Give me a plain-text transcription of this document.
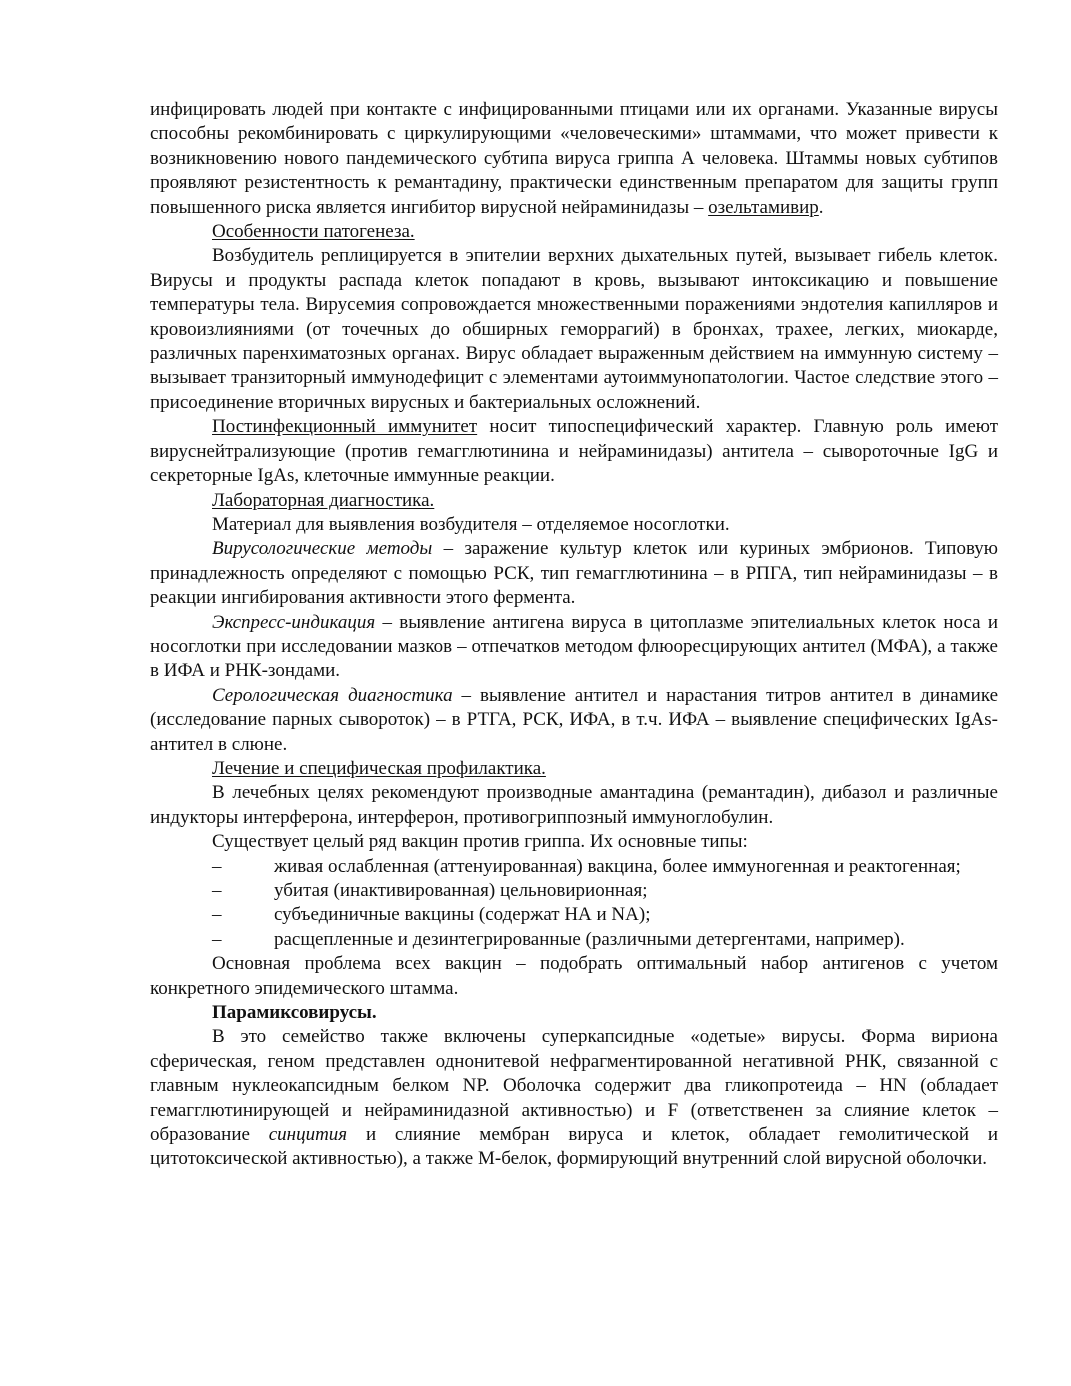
инфицировать людей при контакте с инфицированными птицами или их органами. Указанные вирусы способны рекомбинировать с циркулирующими «человеческими» штаммами, что может привести к возникновению нового пандемического субтипа вируса гриппа А человека. Штаммы новых субтипов проявляют резистентность к ремантадину, практически единственным препаратом для защиты групп повышенного риска является ингибитор вирусной нейраминидазы – озельтамивир.

Особенности патогенеза.

Возбудитель реплицируется в эпителии верхних дыхательных путей, вызывает гибель клеток. Вирусы и продукты распада клеток попадают в кровь, вызывают интоксикацию и повышение температуры тела. Вирусемия сопровождается множественными поражениями эндотелия капилляров и кровоизлияниями (от точечных до обширных геморрагий) в бронхах, трахее, легких, миокарде, различных паренхиматозных органах. Вирус обладает выраженным действием на иммунную систему – вызывает транзиторный иммунодефицит с элементами аутоиммунопатологии. Частое следствие этого – присоединение вторичных вирусных и бактериальных осложнений.

Постинфекционный иммунитет носит типоспецифический характер. Главную роль имеют вируснейтрализующие (против гемагглютинина и нейраминидазы) антитела – сывороточные IgG и секреторные IgAs, клеточные иммунные реакции.

Лабораторная диагностика.

Материал для выявления возбудителя – отделяемое носоглотки.

Вирусологические методы – заражение культур клеток или куриных эмбрионов. Типовую принадлежность определяют с помощью РСК, тип гемагглютинина – в РПГА, тип нейраминидазы – в реакции ингибирования активности этого фермента.

Экспресс-индикация – выявление антигена вируса в цитоплазме эпителиальных клеток носа и носоглотки при исследовании мазков – отпечатков методом флюоресцирующих антител (МФА), а также в ИФА и РНК-зондами.

Серологическая диагностика – выявление антител и нарастания титров антител в динамике (исследование парных сывороток) – в РТГА, РСК, ИФА, в т.ч. ИФА – выявление специфических IgAs-антител в слюне.

Лечение и специфическая профилактика.

В лечебных целях рекомендуют производные амантадина (ремантадин), дибазол и различные индукторы интерферона, интерферон, противогриппозный иммуноглобулин.

Существует целый ряд вакцин против гриппа. Их основные типы:

–	живая ослабленная (аттенуированная) вакцина, более иммуногенная и реактогенная;

–	убитая (инактивированная) цельновирионная;

–	субъединичные вакцины (содержат НА и NA);

–	расщепленные и дезинтегрированные (различными детергентами, например).

Основная проблема всех вакцин – подобрать оптимальный набор антигенов с учетом конкретного эпидемического штамма.

Парамиксовирусы.

В это семейство также включены суперкапсидные «одетые» вирусы. Форма вириона сферическая, геном представлен однонитевой нефрагментированной негативной РНК, связанной с главным нуклеокапсидным белком NP. Оболочка содержит два гликопротеида – HN (обладает гемагглютинирующей и нейраминидазной активностью) и F (ответственен за слияние клеток – образование синцития и слияние мембран вируса и клеток, обладает гемолитической и цитотоксической активностью), а также М-белок, формирующий внутренний слой вирусной оболочки.
